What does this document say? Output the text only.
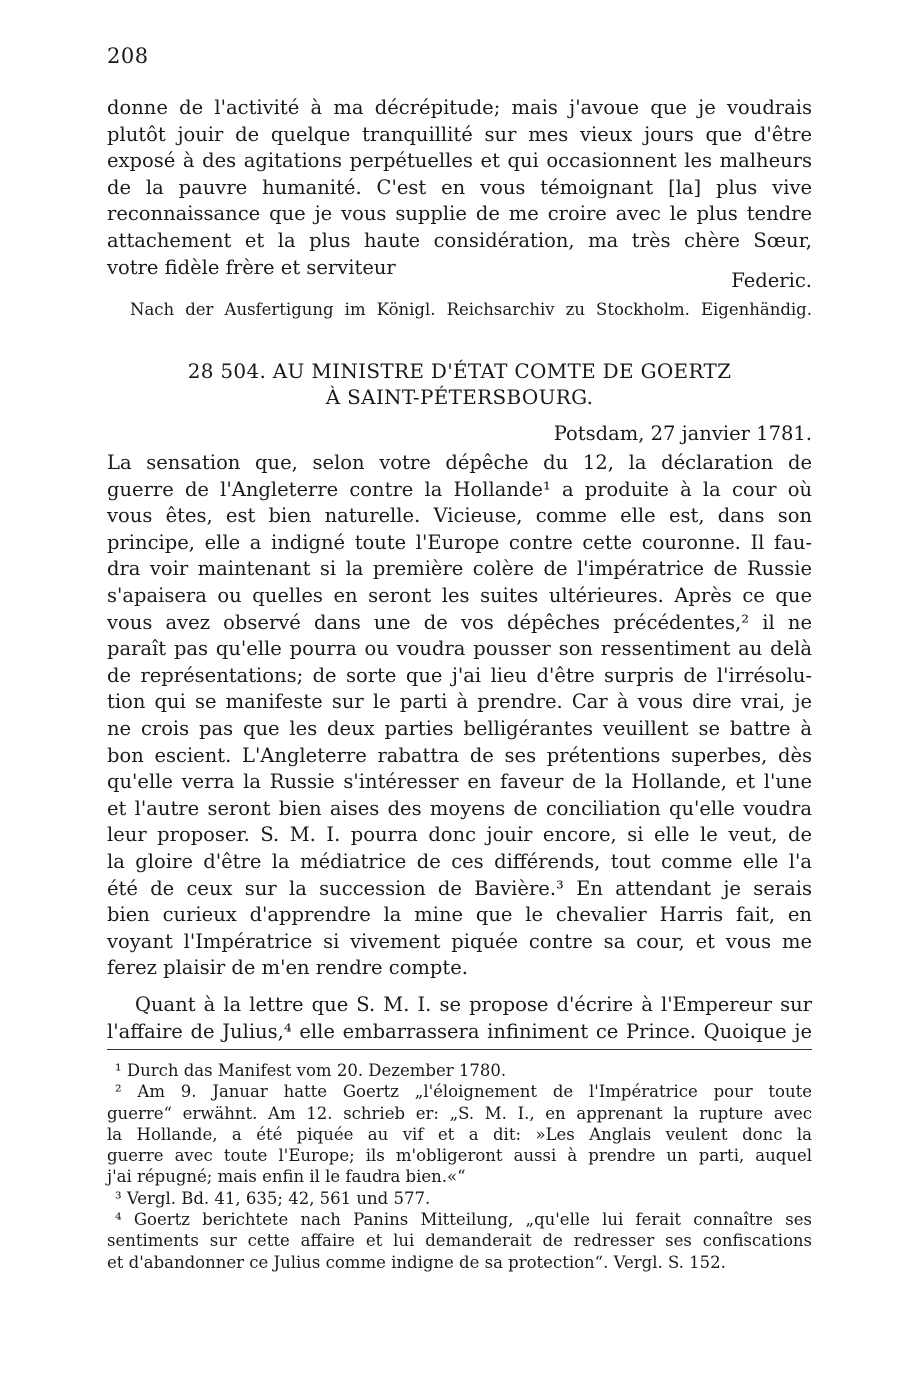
208
donne de l'activité à ma décrépitude; mais j'avoue que je voudrais
plutôt jouir de quelque tranquillité sur mes vieux jours que d'être
exposé à des agitations perpétuelles et qui occasionnent les malheurs
de la pauvre humanité. C'est en vous témoignant [la] plus vive
reconnaissance que je vous supplie de me croire avec le plus tendre
attachement et la plus haute considération, ma très chère Sœur,
votre fidèle frère et serviteur
Federic.
Nach der Ausfertigung im Königl. Reichsarchiv zu Stockholm. Eigenhändig.
28 504. AU MINISTRE D'ÉTAT COMTE DE GOERTZ
À SAINT-PÉTERSBOURG.
Potsdam, 27 janvier 1781.
La sensation que, selon votre dépêche du 12, la déclaration de
guerre de l'Angleterre contre la Hollande¹ a produite à la cour où
vous êtes, est bien naturelle. Vicieuse, comme elle est, dans son
principe, elle a indigné toute l'Europe contre cette couronne. Il fau-
dra voir maintenant si la première colère de l'impératrice de Russie
s'apaisera ou quelles en seront les suites ultérieures. Après ce que
vous avez observé dans une de vos dépêches précédentes,² il ne
paraît pas qu'elle pourra ou voudra pousser son ressentiment au delà
de représentations; de sorte que j'ai lieu d'être surpris de l'irrésolu-
tion qui se manifeste sur le parti à prendre. Car à vous dire vrai, je
ne crois pas que les deux parties belligérantes veuillent se battre à
bon escient. L'Angleterre rabattra de ses prétentions superbes, dès
qu'elle verra la Russie s'intéresser en faveur de la Hollande, et l'une
et l'autre seront bien aises des moyens de conciliation qu'elle voudra
leur proposer. S. M. I. pourra donc jouir encore, si elle le veut, de
la gloire d'être la médiatrice de ces différends, tout comme elle l'a
été de ceux sur la succession de Bavière.³ En attendant je serais
bien curieux d'apprendre la mine que le chevalier Harris fait, en
voyant l'Impératrice si vivement piquée contre sa cour, et vous me
ferez plaisir de m'en rendre compte.
Quant à la lettre que S. M. I. se propose d'écrire à l'Empereur sur
l'affaire de Julius,⁴ elle embarrassera infiniment ce Prince. Quoique je
¹ Durch das Manifest vom 20. Dezember 1780.
² Am 9. Januar hatte Goertz „l'éloignement de l'Impératrice pour toute
guerre“ erwähnt. Am 12. schrieb er: „S. M. I., en apprenant la rupture avec
la Hollande, a été piquée au vif et a dit: »Les Anglais veulent donc la
guerre avec toute l'Europe; ils m'obligeront aussi à prendre un parti, auquel
j'ai répugné; mais enfin il le faudra bien.«“
³ Vergl. Bd. 41, 635; 42, 561 und 577.
⁴ Goertz berichtete nach Panins Mitteilung, „qu'elle lui ferait connaître ses
sentiments sur cette affaire et lui demanderait de redresser ses confiscations
et d'abandonner ce Julius comme indigne de sa protection“. Vergl. S. 152.
